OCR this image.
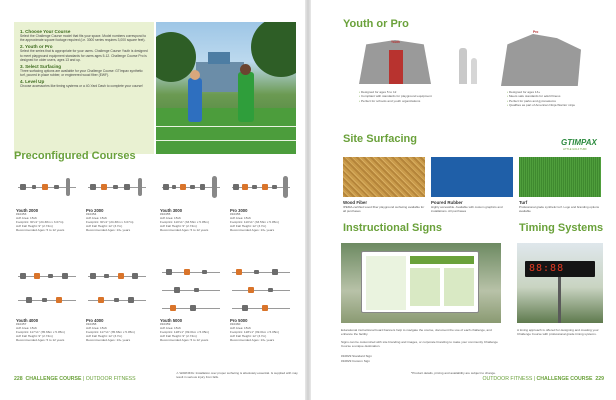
1. Choose Your Course

Select the Challenge Course model that fits your space. Model numbers correspond to the approximate square footage required (i.e. 3000 series requires 3,000 square feet).

2. Youth or Pro

Select the series that is appropriate for your users. Challenge Course Youth is designed to meet playground equipment standards for users ages 5-12. Challenge Course Pro is designed for older users, ages 13 and up.

3. Select Surfacing

Three surfacing options are available for your Challenge Course: GTImpax synthetic turf, poured in place rubber, or engineered wood fiber (EWF).

4. Level Up

Choose accessories like timing systems or a 40-Yard Dash to complete your course!

Preconfigured Courses
Youth 2000
#10453
Ad'l Area: 15x6
Footprint: 30'x1" (24.38m x 3.07m)
Ad'l Fall Height: 9" (2.74m)
Recommended Ages: 5 to 12 years
Pro 2000
#10454
Ad'l Area: 15x6
Footprint: 30'x1" (24.38m x 3.07m)
Ad'l Fall Height: 12' (3.7m)
Recommended Ages: 13+ years
Youth 3000
#10455
Ad'l Area: 15x6
Footprint: 110'x1" (33.53m x 5.05m)
Ad'l Fall Height: 9" (2.74m)
Recommended Ages: 5 to 12 years
Pro 3000
#10456
Ad'l Area: 15x6
Footprint: 110'x1" (33.53m x 5.05m)
Ad'l Fall Height: 12' (3.7m)
Recommended Ages: 13+ years
Youth 4000
#10457
Ad'l Area: 15x6
Footprint: 117'x1" (35.66m x 5.05m)
Ad'l Fall Height: 9" (2.74m)
Recommended Ages: 5 to 12 years
Pro 4000
#10458
Ad'l Area: 15x6
Footprint: 117'x1" (35.66m x 5.05m)
Ad'l Fall Height: 12' (3.7m)
Recommended Ages: 13+ years
Youth 5000
#10459
Ad'l Area: 15x6
Footprint: 128'x1" (39.01m x 5.05m)
Ad'l Fall Height: 9" (2.74m)
Recommended Ages: 5 to 12 years
Pro 5000
#10460
Ad'l Area: 15x6
Footprint: 128'x1" (39.01m x 5.05m)
Ad'l Fall Height: 12' (3.7m)
Recommended Ages: 13+ years
228 CHALLENGE COURSE | OUTDOOR FITNESS
⚠ WARNING: Installation over proper surfacing is absolutely essential. Is supplied with may result in serious injury from falls.
Youth or Pro
Youth
Pro
• Designed for ages 5 to 12
• Compliant with standards for playground equipment
• Perfect for schools and youth organizations
• Designed for ages 13+
• Meets safe standards for adult fitness
• Perfect for parks and gymnasiums
• Qualifies as part of American Ninja Warrior ninja
Site Surfacing	GTIMPAX
LITTLE GOLF TURF
Wood Fiber	Poured Rubber	Turf
IPEMA-certified wood fiber playground surfacing available for all purchases
Highly accessible. Available with custom graphics and installations. All purchases
Professional grade synthetic turf. Logo and branding options available
Instructional Signs	Timing Systems
88:88
Educational instructional board banners help to navigate the course, document the use of each challenge, and enhance the facility.
Signs can be customized with site branding and images, or corporate branding to make your community Challenge Course a unique destination.
#10829 Standard Sign
#10829 Custom Sign
A timing approach is offered for designing and creating your Challenge Course with professional grade timing systems.
*Product details, pricing and availability are subject to change.
OUTDOOR FITNESS | CHALLENGE COURSE 229
